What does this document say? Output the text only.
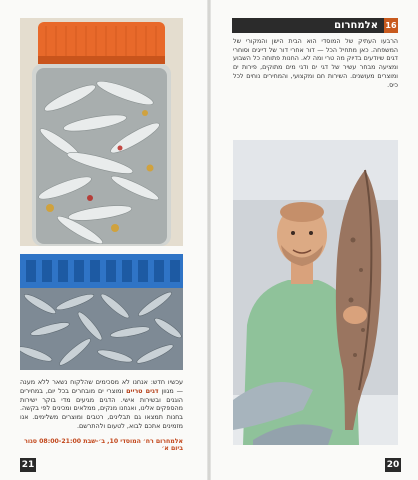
עכשיו חדש: אנחנו לא מסכימים שהלקוח נשאר ללא מענה — מגוון דגים טריים ומוצרי ים מובחרים בכל יום, במחירים הוגנים ובשירות אישי. הדגים מגיעים מדי בוקר ישירות מהספקים אלינו, ואנחנו מנקים, ממלאים ומכינים לפי בקשה. בחנות תמצאו גם תבלינים, רטבים ומוצרים משלימים. אנו מזמינים אתכם לבוא, לטעום ולהתרשם.

אלמחרום רח׳ המוסדי 10, ב׳-שבת 08:00-21:00 סגור ביום א׳

21
אלמחרום 16

הרבעו העתיק של המוסדי הוא הבית הישן והמקורי של המשפחה. כאן מתחיל הכל — דור אחרי דור של דייגים וסוחרי דגים שיודעים בדיוק מה טרי ומה לא. החנות פתוחה כל השבוע ומציעה מבחר עשיר של דגי ים ודגי מים מתוקים, פירות ים ומוצרים מעושנים. השירות חם ומקצועי, והמחירים נוחים לכל כיס.

20
